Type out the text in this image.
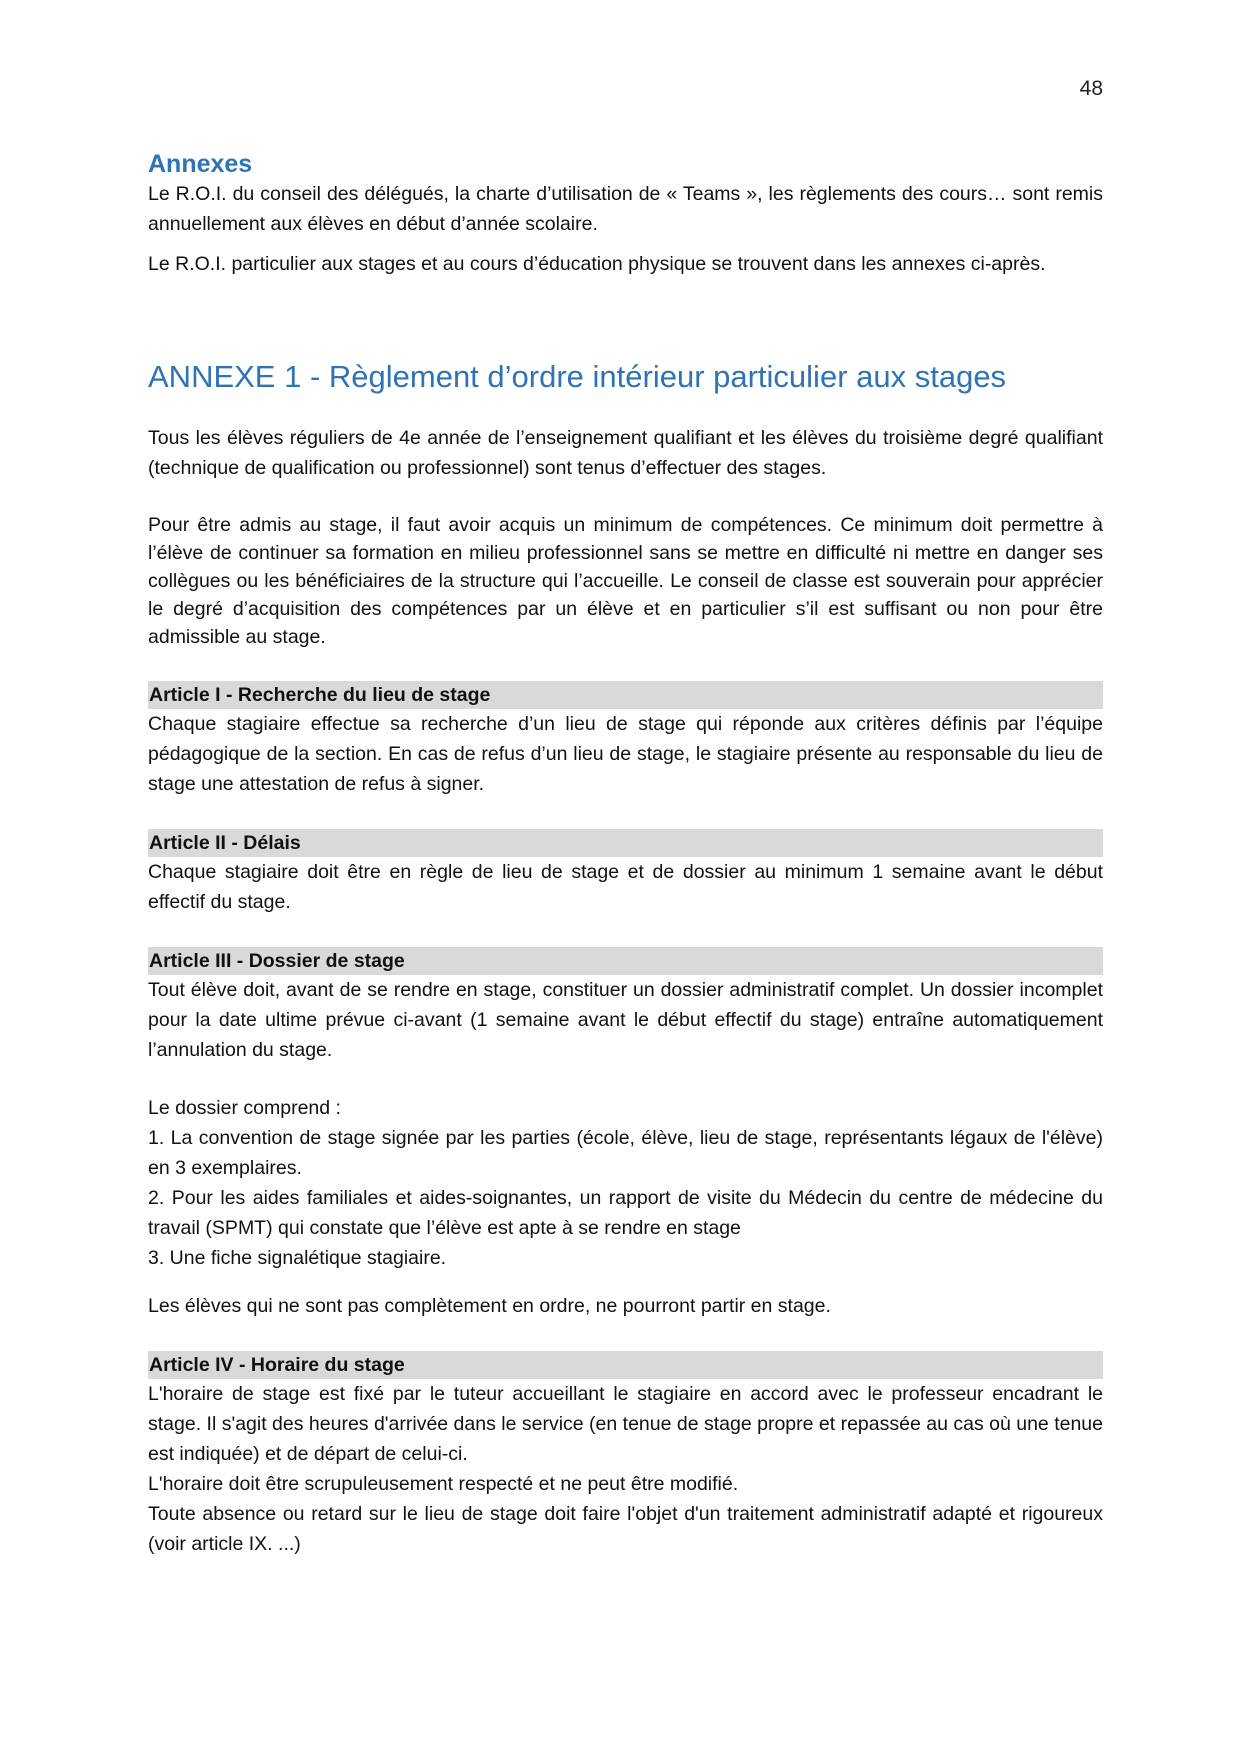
48
Annexes

Le R.O.I. du conseil des délégués, la charte d’utilisation de « Teams », les règlements des cours… sont remis annuellement aux élèves en début d’année scolaire.

Le R.O.I. particulier aux stages et au cours d’éducation physique se trouvent dans les annexes ci-après.

ANNEXE 1 - Règlement d’ordre intérieur particulier aux stages

Tous les élèves réguliers de 4e année de l’enseignement qualifiant et les élèves du troisième degré qualifiant (technique de qualification ou professionnel) sont tenus d’effectuer des stages.

Pour être admis au stage, il faut avoir acquis un minimum de compétences. Ce minimum doit permettre à l’élève de continuer sa formation en milieu professionnel sans se mettre en difficulté ni mettre en danger ses collègues ou les bénéficiaires de la structure qui l’accueille. Le conseil de classe est souverain pour apprécier le degré d’acquisition des compétences par un élève et en particulier s’il est suffisant ou non pour être admissible au stage.

Article I - Recherche du lieu de stage

Chaque stagiaire effectue sa recherche d’un lieu de stage qui réponde aux critères définis par l’équipe pédagogique de la section. En cas de refus d’un lieu de stage, le stagiaire présente au responsable du lieu de stage une attestation de refus à signer.

Article II - Délais

Chaque stagiaire doit être en règle de lieu de stage et de dossier au minimum 1 semaine avant le début effectif du stage.

Article III - Dossier de stage

Tout élève doit, avant de se rendre en stage, constituer un dossier administratif complet. Un dossier incomplet pour la date ultime prévue ci-avant (1 semaine avant le début effectif du stage) entraîne automatiquement l’annulation du stage.

Le dossier comprend :

1. La convention de stage signée par les parties (école, élève, lieu de stage, représentants légaux de l'élève) en 3 exemplaires.

2. Pour les aides familiales et aides-soignantes, un rapport de visite du Médecin du centre de médecine du travail (SPMT) qui constate que l’élève est apte à se rendre en stage

3. Une fiche signalétique stagiaire.

Les élèves qui ne sont pas complètement en ordre, ne pourront partir en stage.

Article IV - Horaire du stage

L'horaire de stage est fixé par le tuteur accueillant le stagiaire en accord avec le professeur encadrant le stage. Il s'agit des heures d'arrivée dans le service (en tenue de stage propre et repassée au cas où une tenue est indiquée) et de départ de celui-ci.

L'horaire doit être scrupuleusement respecté et ne peut être modifié.

Toute absence ou retard sur le lieu de stage doit faire l'objet d'un traitement administratif adapté et rigoureux (voir article IX. ...)
